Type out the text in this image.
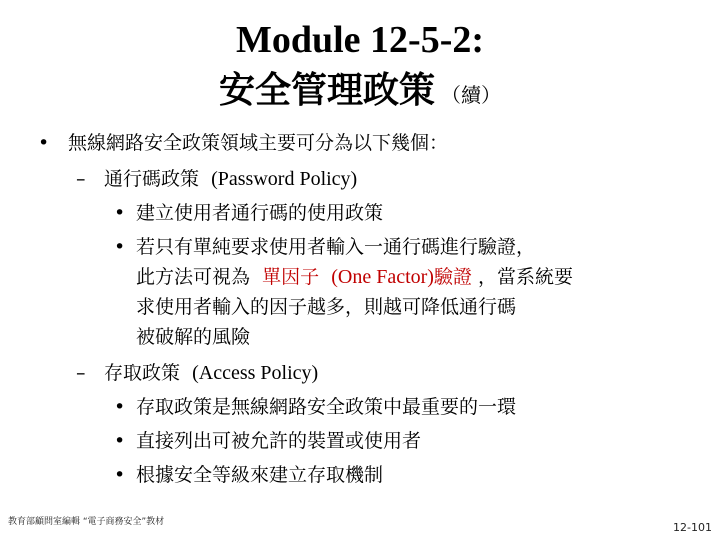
Module 12-5-2:
安全管理政策 （續）
• 無線網路安全政策領域主要可分為以下幾個：
– 通行碼政策 (Password Policy)
• 建立使用者通行碼的使用政策
• 若只有單純要求使用者輸入一通行碼進行驗證，
此方法可視為 單因子 (One Factor)驗證 ，當系統要
求使用者輸入的因子越多，則越可降低通行碼
被破解的風險
– 存取政策 (Access Policy)
• 存取政策是無線網路安全政策中最重要的一環
• 直接列出可被允許的裝置或使用者
• 根據安全等級來建立存取機制
教育部顧問室編輯 “電子商務安全”教材	12-101
